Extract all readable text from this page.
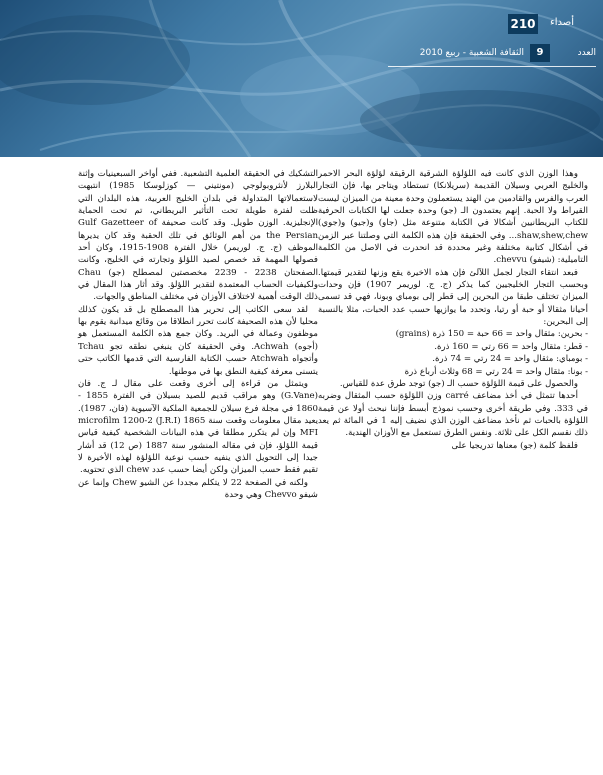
210 أصداء
العدد
9
الثقافة الشعبية - ربيع 2010

وهذا الوزن الذي كانت فيه اللؤلؤة الشرقية الرقيقة لؤلؤة البحر الاحمر والخليج العربي وسيلان القديمة (سريلانكا) تستطاد ويتاجر بها، فإن التجار العرب والفرس والقادمين من الهند يستعملون وحدة معينة من الميزان ليست القيراط ولا الحبة. إنهم يعتمدون الـ (جو) وحدة جعلت لها الكتابات الحرفية للكتاب البريطانيين أشكالا في الكتابة متنوعة مثل (جاو) و(جيو) و(جوي) shaw,shew,chew... وفي الحقيقة فإن هذه الكلمة التي وصلتنا عبر الزمن في أشكال كتابية مختلفة وغير محددة قد انحدرت في الاصل من الكلمة التاميلية: (شيفو) chevvu.

فبعد انتقاء التجار لجمل اللآلئ فإن هذه الاخيرة يقع وزنها لتقدير قيمتها. وبحسب التجار الخليجيين كما يذكر (ج. ج. لوريمر 1907) فإن وحدات الميزان تختلف طبقا من البحرين إلى قطر إلى بومباي وبونا، فهي قد تسمى أحيانا مثقالا أو حبة أو رتيا، وتحدد ما يوازيها حسب عدد الحبات، مثلا بالنسبة إلى البحرين:

- بحرين: مثقال واحد = 66 حبة = 150 ذرة (grains)
- قطر: مثقال واحد = 66 رتي = 160 ذرة.
- بومباي: مثقال واحد = 24 رتي = 74 ذرة.
- بونا: مثقال واحد = 24 رتي = 68 وثلاث أرباع ذرة

والحصول على قيمة اللؤلؤة حسب الـ (جو) توجد طرق عدة للقياس.

أحدها تتمثل في أخذ مضاعف carré وزن اللؤلؤة حسب المثقال وضربه في 333. وفي طريقة أخرى وحسب نموذج أبسط فإننا نبحث أولا عن قيمة اللؤلؤة بالحبات ثم نأخذ مضاعف الوزن الذي نضيف إليه 1 في المائة ثم يعد ذلك نقسم الكل على ثلاثة. ونفس الطرق تستعمل مع الأوزان الهندية.

فلفظ كلمة (جو) معناها تدريجيا على

التشكيك في الحقيقة العلمية التشعبية. ففي أواخر السبعينيات وإثنة البلارز لأنثروبولوجي (مونتيني — كوزلوسكا 1985) انتبهت لاستعمالاتها المتداولة في بلدان الخليج العربية، هذه البلدان التي ظلت لفترة طويلة تحت التأثير البريطاني، تم تحت الحماية الإنجليزية. الوزن طويل. وقد كانت صحيفة Gulf Gazetteer of the Persian من أهم الوثائق في تلك الحقبة وقد كان يديرها الموظف (ج. ج. لوريمر) خلال الفترة 1908-1915، وكان أحد فصولها المهمة قد خصص لصيد اللؤلؤ وتجارته في الخليج، وكانت الصفحتان 2238 - 2239 مخصصتين لمصطلح (جو) Chau ولكيفيات الحساب المعتمدة لتقدير اللؤلؤ. وقد أثار هذا المقال في ذلك الوقت أهمية لاختلاف الأوزان في مختلف المناطق والجهات.

لقد سعى الكاتب إلى تحرير هذا المصطلح بل قد يكون كذلك محليا لأن هذه الصحيفة كانت تحرر انطلاقا من وقائع ميدانية يقوم بها موظفون وعمالة في البريد. وكان جمع هذه الكلمة المستعمل هو (أجوه) Achwah. وفي الحقيقة كان ينبغي نطقه تجو Tchau وأتجواه Atchwah حسب الكتابة الفارسية التي قدمها الكاتب حتى يتسنى معرفة كيفية النطق بها في موطنها.

ويتمثل من قراءة إلى أخرى وقعت على مقال لـ ج. فان (G.Vane) وهو مراقب قديم للصيد بسيلان في الفترة 1855 - 1860 في مجلة فرع سيلان للجمعية الملكية الآسيوية (فان، 1987). يعيد مقال معلومات وقعت سنة 1865 (J.R.I) microfilm 1200-2 MFI وإن لم يتكرر مطلقا في هذه البيانات الشخصية كيفية قياس قيمة اللؤلؤ، فإن في مقاله المنشور سنة 1887 (ص 12) قد أشار جيدا إلى التحويل الذي ينفيه حسب نوعية اللؤلؤة لهذه الأخيرة لا تقيم فقط حسب الميزان ولكن أيضا حسب عدد chew الذي تحتويه.

ولكنه في الصفحة 22 لا يتكلم مجددا عن الشيو Chew وإنما عن شيفو Chevvo وهي وحدة
